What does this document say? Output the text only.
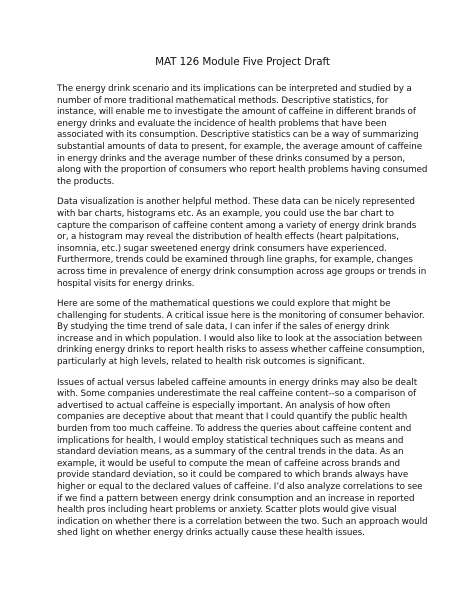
MAT 126 Module Five Project Draft

The energy drink scenario and its implications can be interpreted and studied by a number of more traditional mathematical methods. Descriptive statistics, for instance, will enable me to investigate the amount of caffeine in different brands of energy drinks and evaluate the incidence of health problems that have been associated with its consumption. Descriptive statistics can be a way of summarizing substantial amounts of data to present, for example, the average amount of caffeine in energy drinks and the average number of these drinks consumed by a person, along with the proportion of consumers who report health problems having consumed the products.

Data visualization is another helpful method. These data can be nicely represented with bar charts, histograms etc. As an example, you could use the bar chart to capture the comparison of caffeine content among a variety of energy drink brands or, a histogram may reveal the distribution of health effects (heart palpitations, insomnia, etc.) sugar sweetened energy drink consumers have experienced. Furthermore, trends could be examined through line graphs, for example, changes across time in prevalence of energy drink consumption across age groups or trends in hospital visits for energy drinks.

Here are some of the mathematical questions we could explore that might be challenging for students. A critical issue here is the monitoring of consumer behavior. By studying the time trend of sale data, I can infer if the sales of energy drink increase and in which population. I would also like to look at the association between drinking energy drinks to report health risks to assess whether caffeine consumption, particularly at high levels, related to health risk outcomes is significant.

Issues of actual versus labeled caffeine amounts in energy drinks may also be dealt with. Some companies underestimate the real caffeine content--so a comparison of advertised to actual caffeine is especially important. An analysis of how often companies are deceptive about that meant that I could quantify the public health burden from too much caffeine. To address the queries about caffeine content and implications for health, I would employ statistical techniques such as means and standard deviation means, as a summary of the central trends in the data. As an example, it would be useful to compute the mean of caffeine across brands and provide standard deviation, so it could be compared to which brands always have higher or equal to the declared values of caffeine. I’d also analyze correlations to see if we find a pattern between energy drink consumption and an increase in reported health pros including heart problems or anxiety. Scatter plots would give visual indication on whether there is a correlation between the two. Such an approach would shed light on whether energy drinks actually cause these health issues.
